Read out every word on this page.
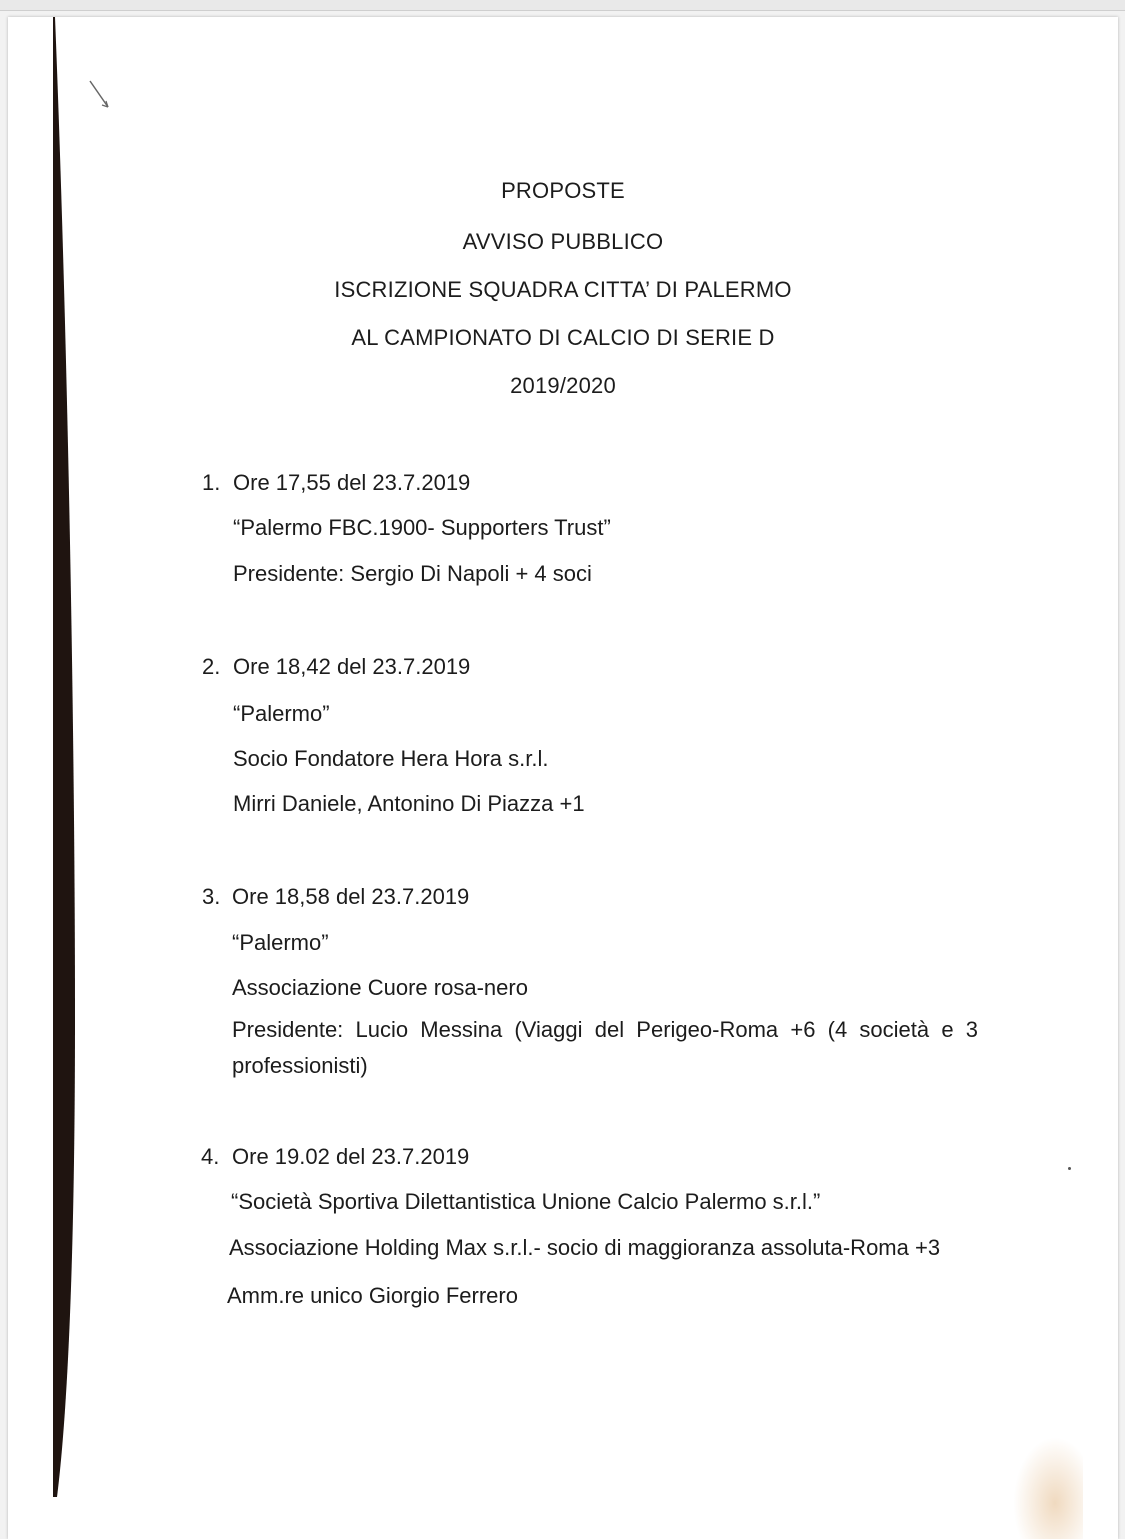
PROPOSTE
AVVISO PUBBLICO
ISCRIZIONE SQUADRA CITTA’ DI PALERMO
AL CAMPIONATO DI CALCIO DI SERIE D
2019/2020
1. Ore 17,55 del 23.7.2019
“Palermo FBC.1900- Supporters Trust”
Presidente: Sergio Di Napoli + 4 soci
2. Ore 18,42 del 23.7.2019
“Palermo”
Socio Fondatore Hera Hora s.r.l.
Mirri Daniele, Antonino Di Piazza +1
3. Ore 18,58 del 23.7.2019
“Palermo”
Associazione Cuore rosa-nero
Presidente: Lucio Messina (Viaggi del Perigeo-Roma +6 (4 società e 3
professionisti)
4. Ore 19.02 del 23.7.2019
“Società Sportiva Dilettantistica Unione Calcio Palermo s.r.l.”
Associazione Holding Max s.r.l.- socio di maggioranza assoluta-Roma +3
Amm.re unico Giorgio Ferrero
